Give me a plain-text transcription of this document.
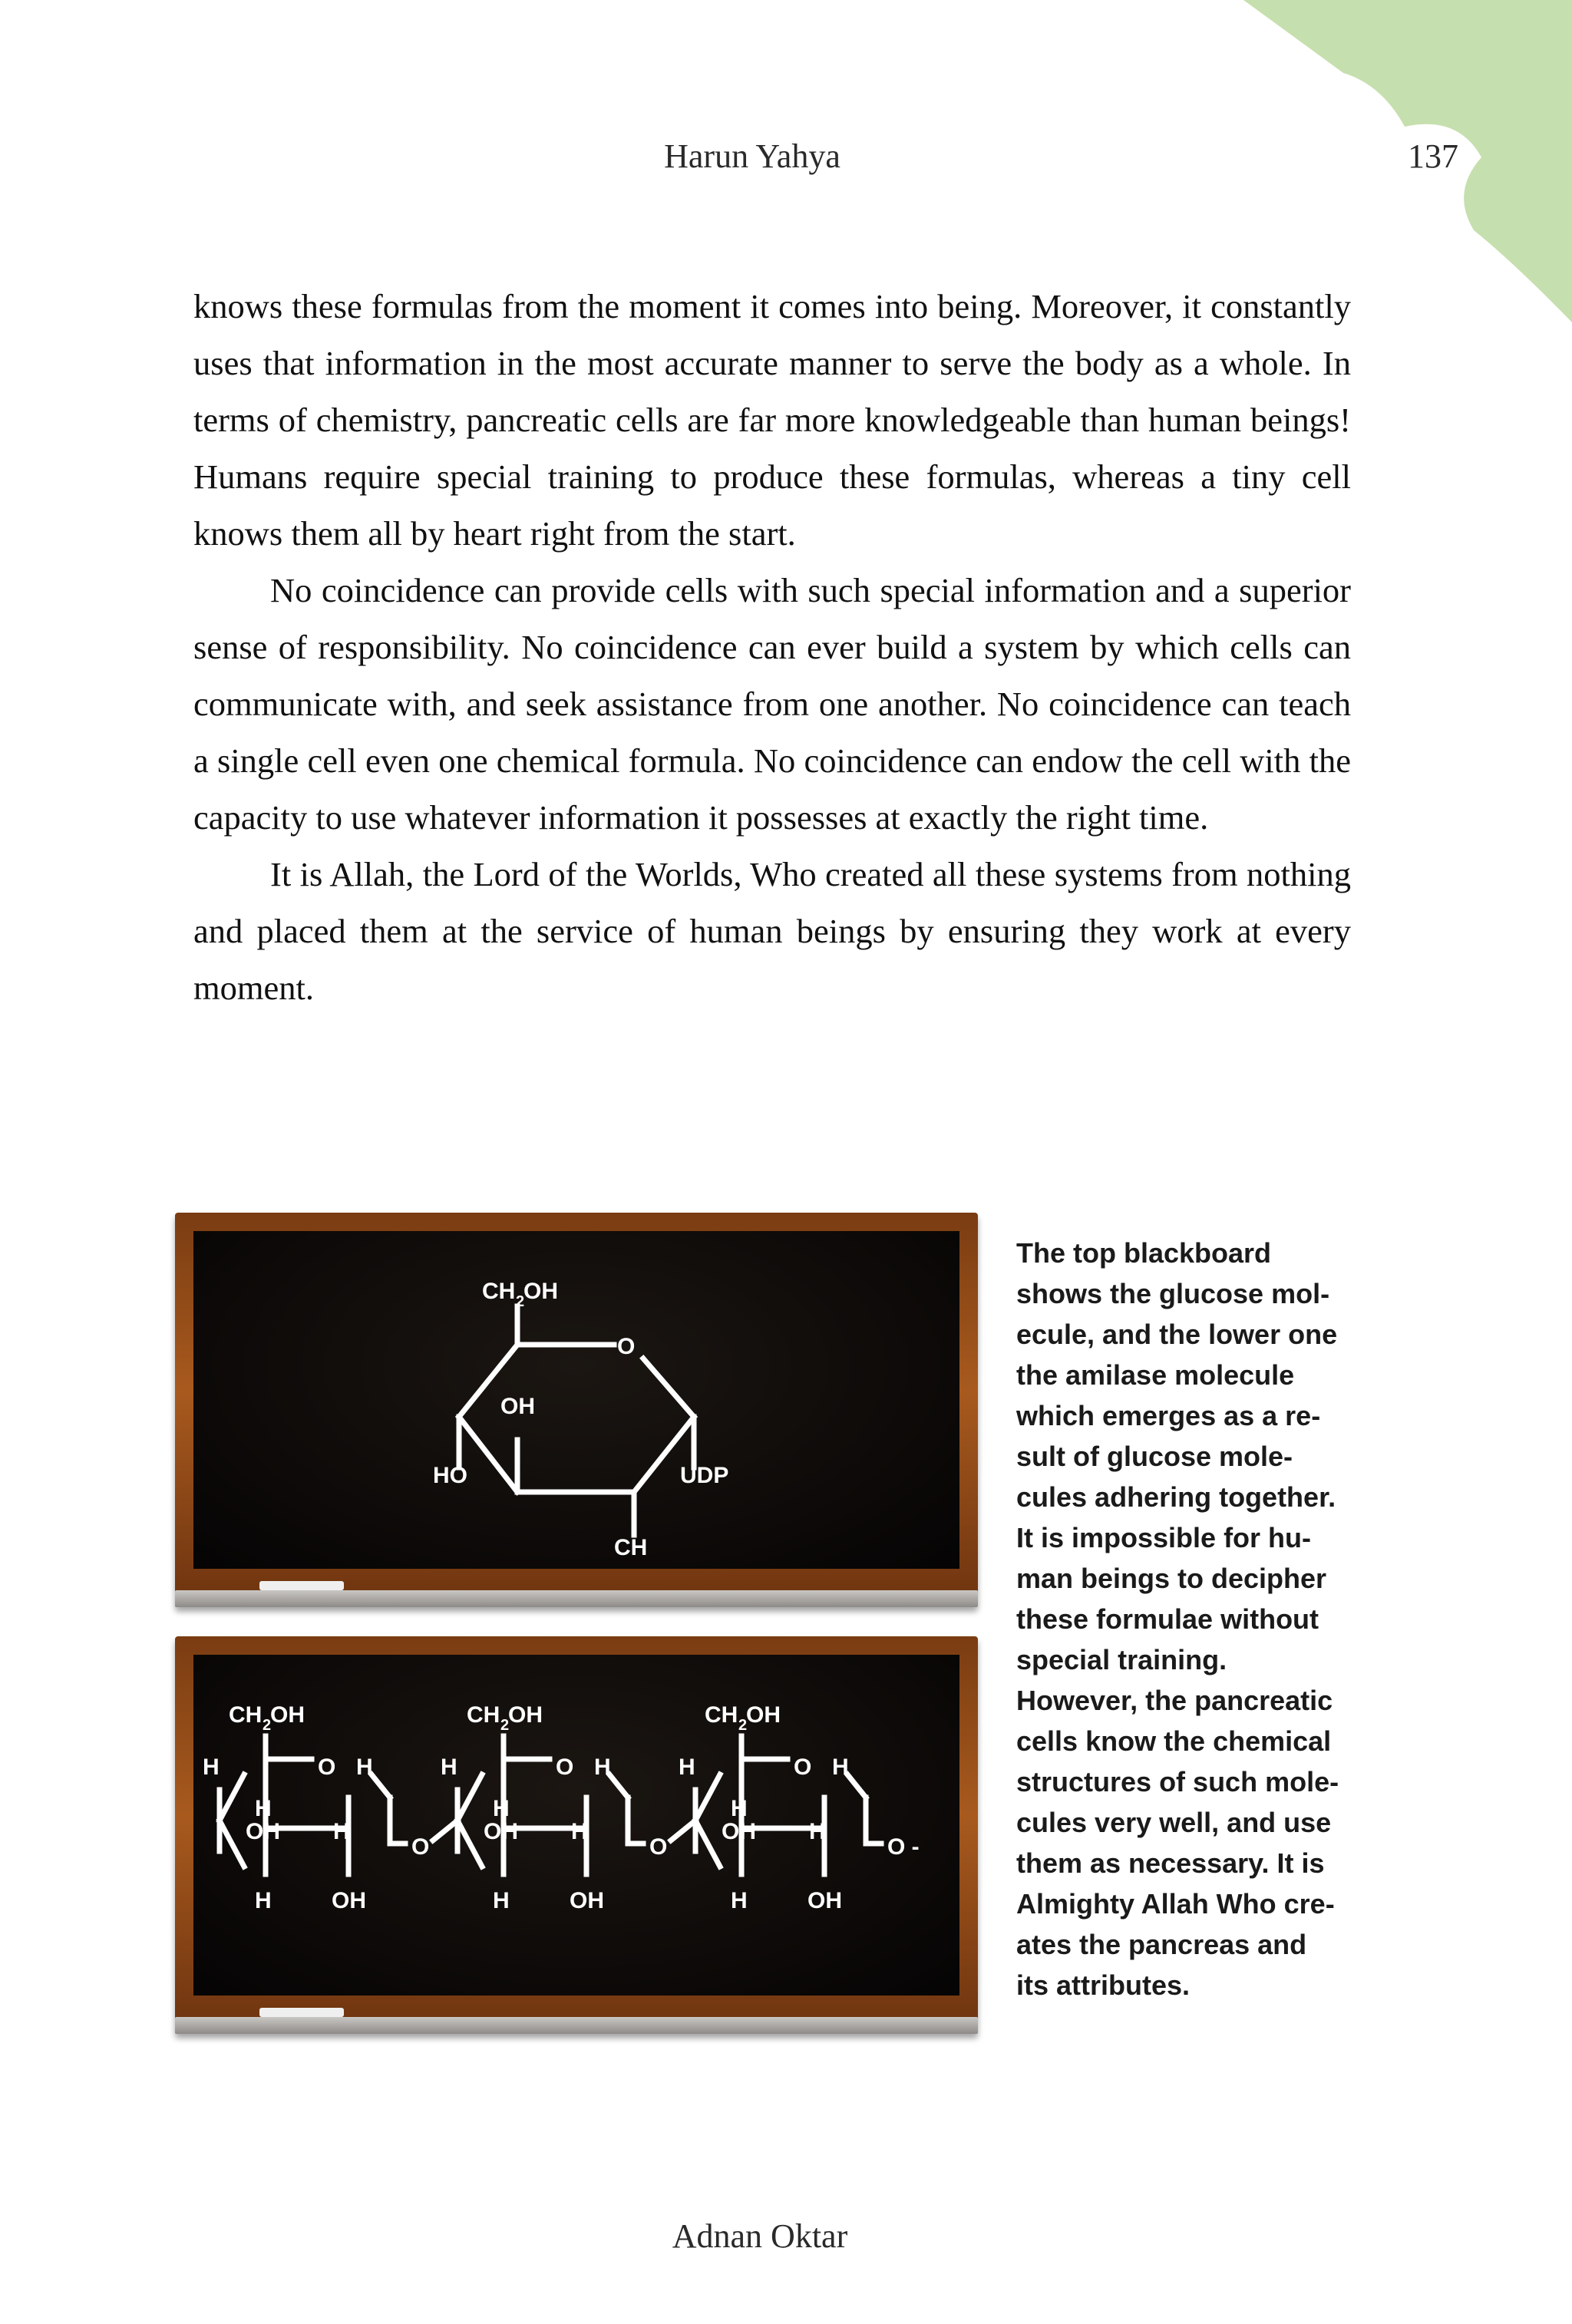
Harun Yahya	137

knows these formulas from the moment it comes into being. Moreover, it constantly uses that information in the most accurate manner to serve the body as a whole. In terms of chemistry, pancreatic cells are far more knowledgeable than human beings! Humans require special training to produce these formulas, whereas a tiny cell knows them all by heart right from the start.

No coincidence can provide cells with such special information and a superior sense of responsibility. No coincidence can ever build a system by which cells can communicate with, and seek assistance from one another. No coincidence can teach a single cell even one chemical formula. No coincidence can endow the cell with the capacity to use whatever information it possesses at exactly the right time.

It is Allah, the Lord of the Worlds, Who created all these systems from nothing and placed them at the service of human beings by ensuring they work at every moment.

CH 2
OH
O
OH
HO	UDP
CH
CH 2
OH
H	O H
H
OH H
H	OH
O
CH 2
OH
H	O H
H
OH H
H	OH
O
CH 2
OH
H	O H
H
OH H
H	OH
O -
The top blackboard
shows the glucose mol-
ecule, and the lower one
the amilase molecule
which emerges as a re-
sult of glucose mole-
cules adhering together.
It is impossible for hu-
man beings to decipher
these formulae without
special training.
However, the pancreatic
cells know the chemical
structures of such mole-
cules very well, and use
them as necessary. It is
Almighty Allah Who cre-
ates the pancreas and
its attributes.
Adnan Oktar
